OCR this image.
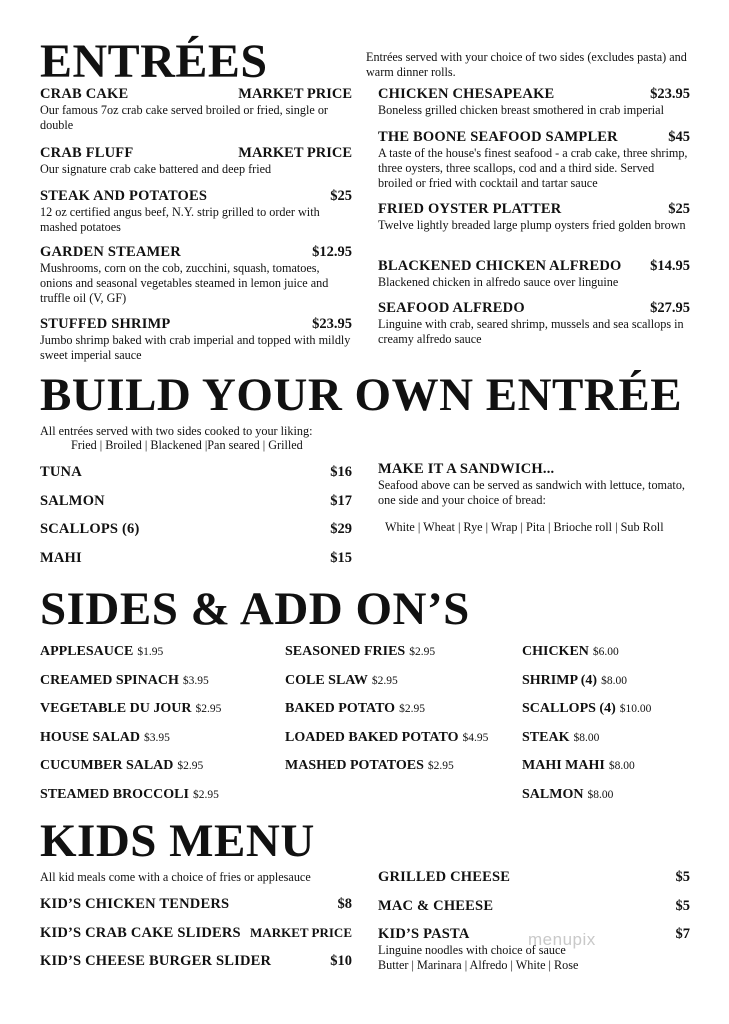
ENTRÉES	Entrées served with your choice of two sides (excludes pasta) and warm dinner rolls.
CRAB CAKE	MARKET PRICE
Our famous 7oz crab cake served broiled or fried, single or double
CRAB FLUFF	MARKET PRICE
Our signature crab cake battered and deep fried
STEAK AND POTATOES	$25
12 oz certified angus beef, N.Y. strip grilled to order with mashed potatoes
GARDEN STEAMER	$12.95
Mushrooms, corn on the cob, zucchini, squash, tomatoes, onions and seasonal vegetables steamed in lemon juice and truffle oil (V, GF)
STUFFED SHRIMP	$23.95
Jumbo shrimp baked with crab imperial and topped with mildly sweet imperial sauce
CHICKEN CHESAPEAKE	$23.95
Boneless grilled chicken breast smothered in crab imperial
THE BOONE SEAFOOD SAMPLER	$45
A taste of the house's finest seafood - a crab cake, three shrimp, three oysters, three scallops, cod and a third side. Served broiled or fried with cocktail and tartar sauce
FRIED OYSTER PLATTER	$25
Twelve lightly breaded large plump oysters fried golden brown
BLACKENED CHICKEN ALFREDO $14.95
Blackened chicken in alfredo sauce over linguine
SEAFOOD ALFREDO	$27.95
Linguine with crab, seared shrimp, mussels and sea scallops in creamy alfredo sauce
BUILD YOUR OWN ENTRÉE
All entrées served with two sides cooked to your liking:
Fried | Broiled | Blackened |Pan seared | Grilled
TUNA	$16
SALMON	$17
SCALLOPS (6)	$29
MAHI	$15
MAKE IT A SANDWICH...
Seafood above can be served as sandwich with lettuce, tomato, one side and your choice of bread:
White | Wheat | Rye | Wrap | Pita | Brioche roll | Sub Roll
SIDES & ADD ON’S
APPLESAUCE $1.95
CREAMED SPINACH $3.95
VEGETABLE DU JOUR $2.95
HOUSE SALAD $3.95
CUCUMBER SALAD $2.95
STEAMED BROCCOLI $2.95
SEASONED FRIES $2.95
COLE SLAW $2.95
BAKED POTATO $2.95
LOADED BAKED POTATO $4.95
MASHED POTATOES $2.95
CHICKEN $6.00
SHRIMP (4) $8.00
SCALLOPS (4) $10.00
STEAK $8.00
MAHI MAHI $8.00
SALMON $8.00
KIDS MENU
All kid meals come with a choice of fries or applesauce
KID’S CHICKEN TENDERS	$8
KID’S CRAB CAKE SLIDERS MARKET PRICE
KID’S CHEESE BURGER SLIDER	$10
GRILLED CHEESE	$5
MAC & CHEESE	$5
KID’S PASTA	$7
Linguine noodles with choice of sauce
Butter | Marinara | Alfredo | White | Rose
menupix
